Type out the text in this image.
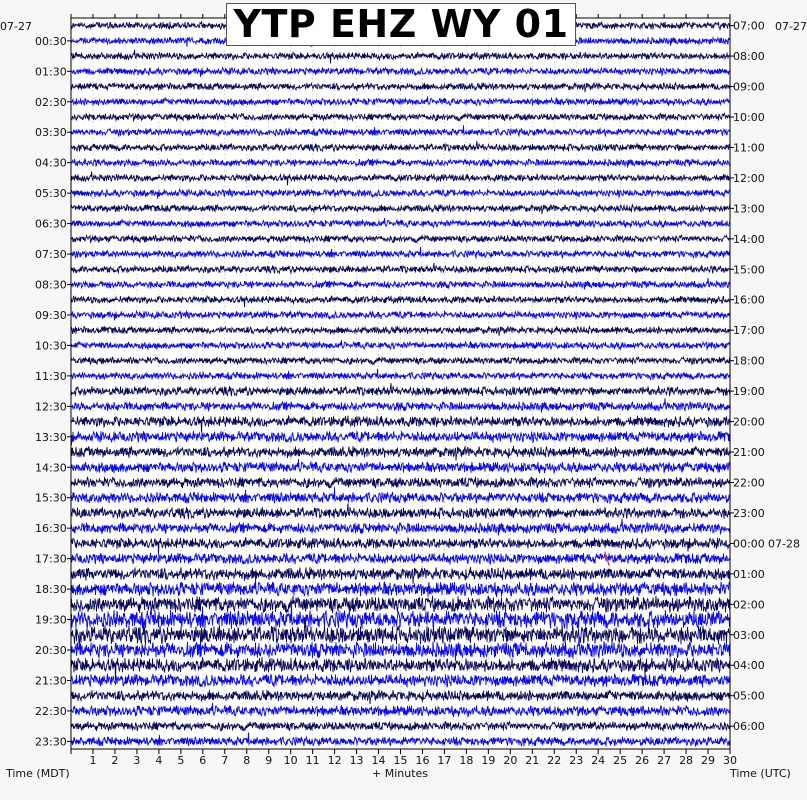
1 2 3 4 5 6 7 8 9 10 11 12 13 14 15 16 17 18 19 20 21 22 23 24 25 26 27 28 29 30
00:30
01:30
02:30
03:30
04:30
05:30
06:30
07:30
08:30
09:30
10:30
11:30
12:30
13:30
14:30
15:30
16:30
17:30
18:30
19:30
20:30
21:30
22:30
23:30
07:00
08:00
09:00
10:00
11:00
12:00
13:00
14:00
15:00
16:00
17:00
18:00
19:00
20:00
21:00
22:00
23:00
00:00 07-28
01:00
02:00
03:00
04:00
05:00
06:00
YTP EHZ WY 01
07-27	07-27
Time (MDT)	+ Minutes	Time (UTC)
